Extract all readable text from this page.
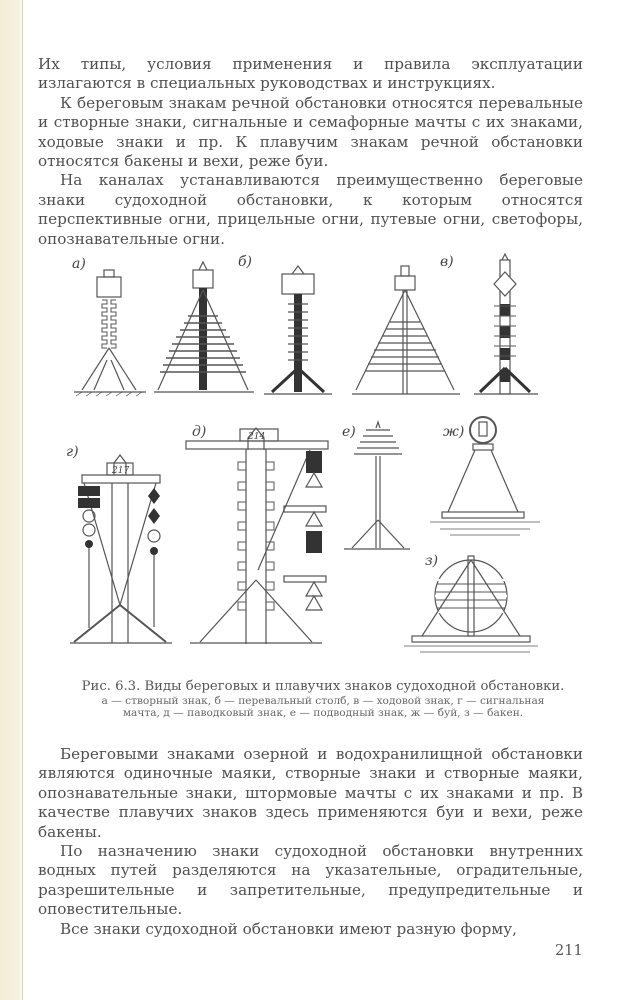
Их типы, условия применения и правила эксплуатации излагаются в специальных руководствах и инструкциях.

К береговым знакам речной обстановки относятся перевальные и створные знаки, сигнальные и семафорные мачты с их знаками, ходовые знаки и пр. К плавучим знакам речной обстановки относятся бакены и вехи, реже буи.

На каналах устанавливаются преимущественно береговые знаки судоходной обстановки, к которым относятся перспективные огни, прицельные огни, путевые огни, светофоры, опознавательные огни.

а)	б)	в)
г)
д)	е)	ж)
з)
217
214
Рис. 6.3. Виды береговых и плавучих знаков судоходной обстановки.
а — створный знак, б — перевальный столб, в — ходовой знак, г — сигнальная
мачта, д — паводковый знак, е — подводный знак, ж — буй, з — бакен.

Береговыми знаками озерной и водохранилищной обстановки являются одиночные маяки, створные знаки и створные маяки, опознавательные знаки, штормовые мачты с их знаками и пр. В качестве плавучих знаков здесь применяются буи и вехи, реже бакены.

По назначению знаки судоходной обстановки внутренних водных путей разделяются на указательные, оградительные, разрешительные и запретительные, предупредительные и оповестительные.

Все знаки судоходной обстановки имеют разную форму,

211
